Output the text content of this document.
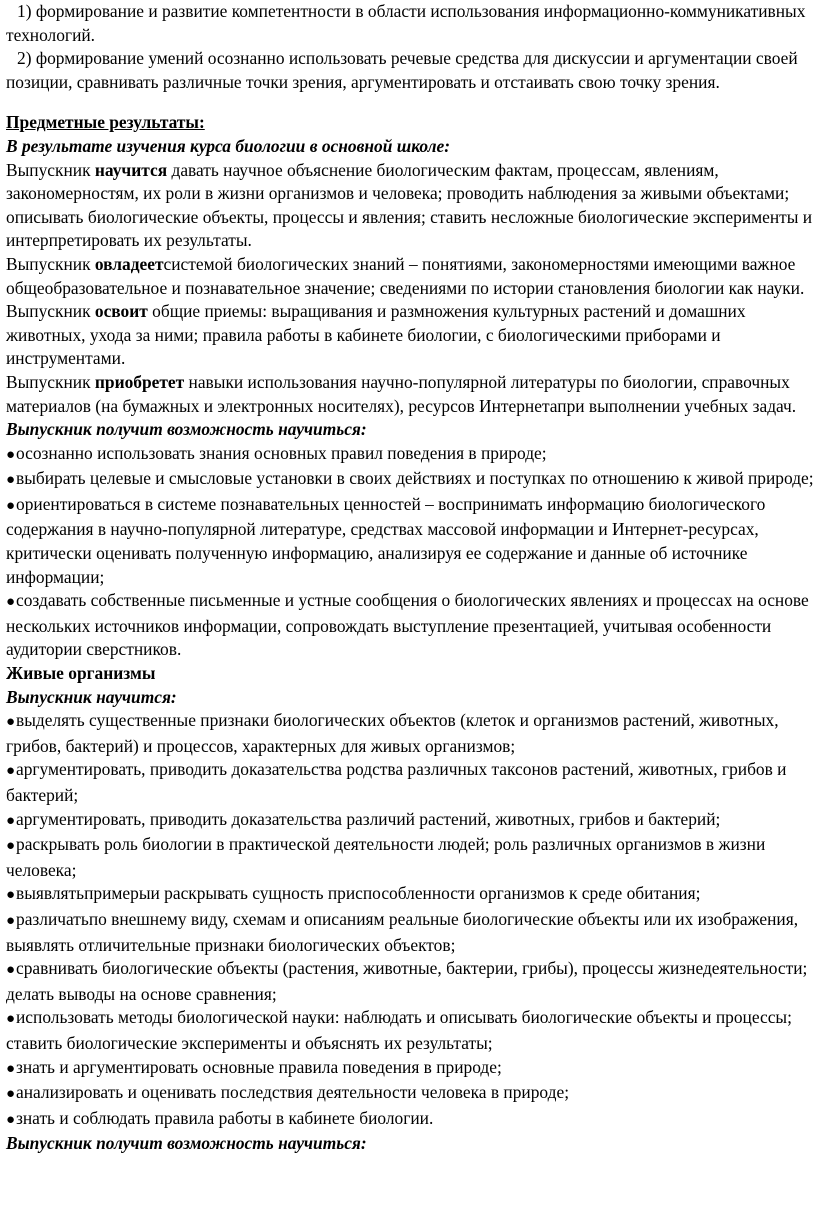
1) формирование и развитие компетентности в области использования информационно-коммуникативных технологий.

2) формирование умений осознанно использовать речевые средства для дискуссии и аргументации своей позиции, сравнивать различные точки зрения, аргументировать и отстаивать свою точку зрения.

Предметные результаты:

В результате изучения курса биологии в основной школе:

Выпускник научится давать научное объяснение биологическим фактам, процессам, явлениям, закономерностям, их роли в жизни организмов и человека; проводить наблюдения за живыми объектами; описывать биологические объекты, процессы и явления; ставить несложные биологические эксперименты и интерпретировать их результаты.

Выпускник овладеетсистемой биологических знаний – понятиями, закономерностями имеющими важное общеобразовательное и познавательное значение; сведениями по истории становления биологии как науки.

Выпускник освоит общие приемы: выращивания и размножения культурных растений и домашних животных, ухода за ними; правила работы в кабинете биологии, с биологическими приборами и инструментами.

Выпускник приобретет навыки использования научно-популярной литературы по биологии, справочных материалов (на бумажных и электронных носителях), ресурсов Интернетапри выполнении учебных задач.

Выпускник получит возможность научиться:

●осознанно использовать знания основных правил поведения в природе;

●выбирать целевые и смысловые установки в своих действиях и поступках по отношению к живой природе;

●ориентироваться в системе познавательных ценностей – воспринимать информацию биологического содержания в научно-популярной литературе, средствах массовой информации и Интернет-ресурсах, критически оценивать полученную информацию, анализируя ее содержание и данные об источнике информации;

●создавать собственные письменные и устные сообщения о биологических явлениях и процессах на основе нескольких источников информации, сопровождать выступление презентацией, учитывая особенности аудитории сверстников.

Живые организмы

Выпускник научится:

●выделять существенные признаки биологических объектов (клеток и организмов растений, животных, грибов, бактерий) и процессов, характерных для живых организмов;

●аргументировать, приводить доказательства родства различных таксонов растений, животных, грибов и бактерий;

●аргументировать, приводить доказательства различий растений, животных, грибов и бактерий;

●раскрывать роль биологии в практической деятельности людей; роль различных организмов в жизни человека;

●выявлятьпримерыи раскрывать сущность приспособленности организмов к среде обитания;

●различатьпо внешнему виду, схемам и описаниям реальные биологические объекты или их изображения, выявлять отличительные признаки биологических объектов;

●сравнивать биологические объекты (растения, животные, бактерии, грибы), процессы жизнедеятельности; делать выводы на основе сравнения;

●использовать методы биологической науки: наблюдать и описывать биологические объекты и процессы; ставить биологические эксперименты и объяснять их результаты;

●знать и аргументировать основные правила поведения в природе;

●анализировать и оценивать последствия деятельности человека в природе;

●знать и соблюдать правила работы в кабинете биологии.

Выпускник получит возможность научиться:
